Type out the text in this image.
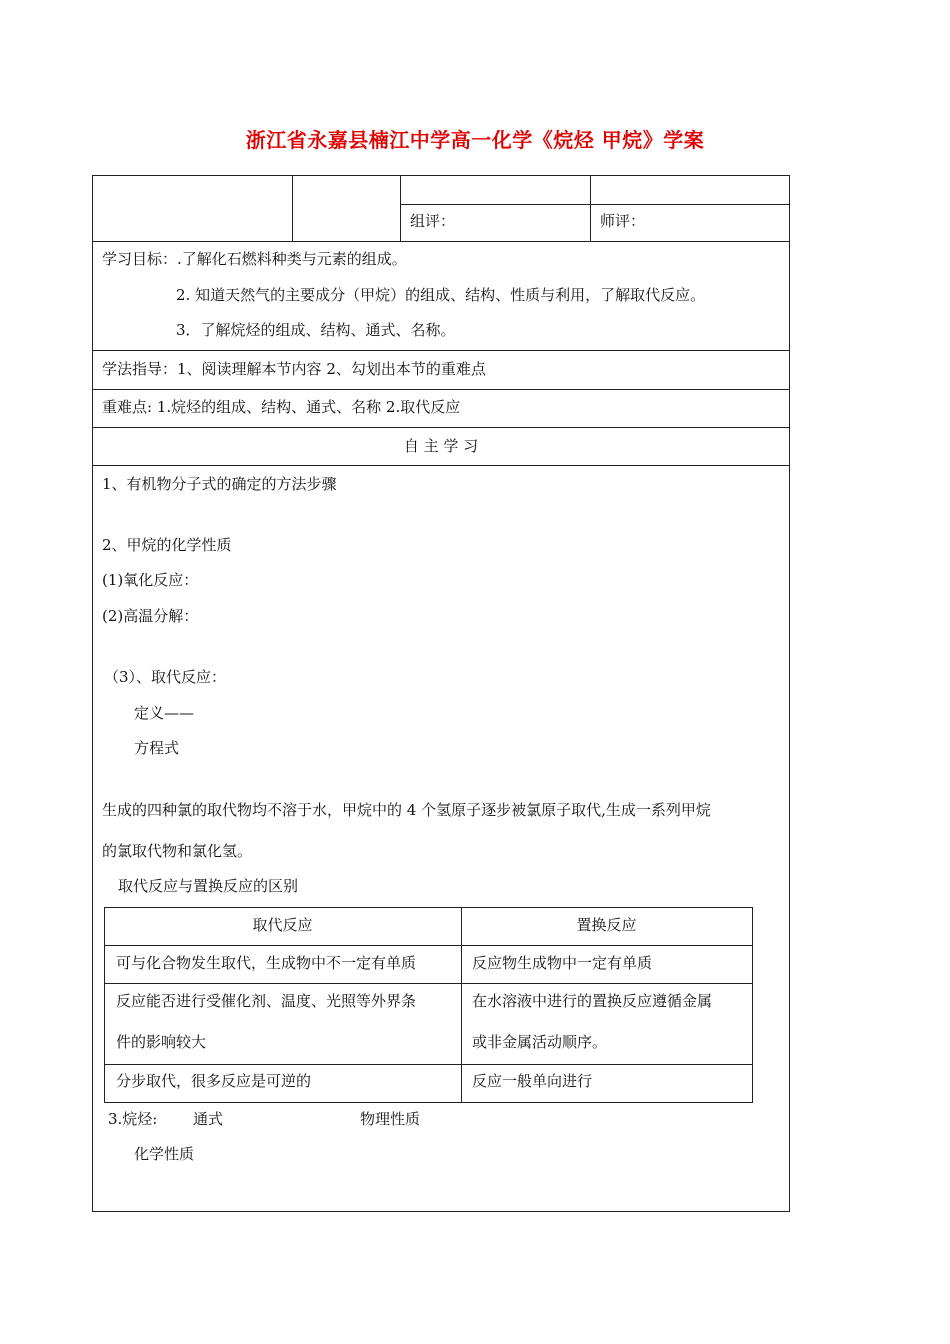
浙江省永嘉县楠江中学高一化学《烷烃 甲烷》学案
组评：	师评：
学习目标：.了解化石燃料种类与元素的组成。
2. 知道天然气的主要成分（甲烷）的组成、结构、性质与利用，了解取代反应。
3．了解烷烃的组成、结构、通式、名称。
学法指导：1、阅读理解本节内容 2、勾划出本节的重难点
重难点: 1.烷烃的组成、结构、通式、名称 2.取代反应
自 主 学 习
1、有机物分子式的确定的方法步骤
2、甲烷的化学性质
(1)氧化反应：
(2)高温分解：
（3）、取代反应：
定义——
方程式
生成的四种氯的取代物均不溶于水，甲烷中的 4 个氢原子逐步被氯原子取代,生成一系列甲烷
的氯取代物和氯化氢。
取代反应与置换反应的区别
取代反应	置换反应
可与化合物发生取代，生成物中不一定有单质	反应物生成物中一定有单质
反应能否进行受催化剂、温度、光照等外界条	在水溶液中进行的置换反应遵循金属
件的影响较大	或非金属活动顺序。
分步取代，很多反应是可逆的	反应一般单向进行
3.烷烃: 通式	物理性质
化学性质
